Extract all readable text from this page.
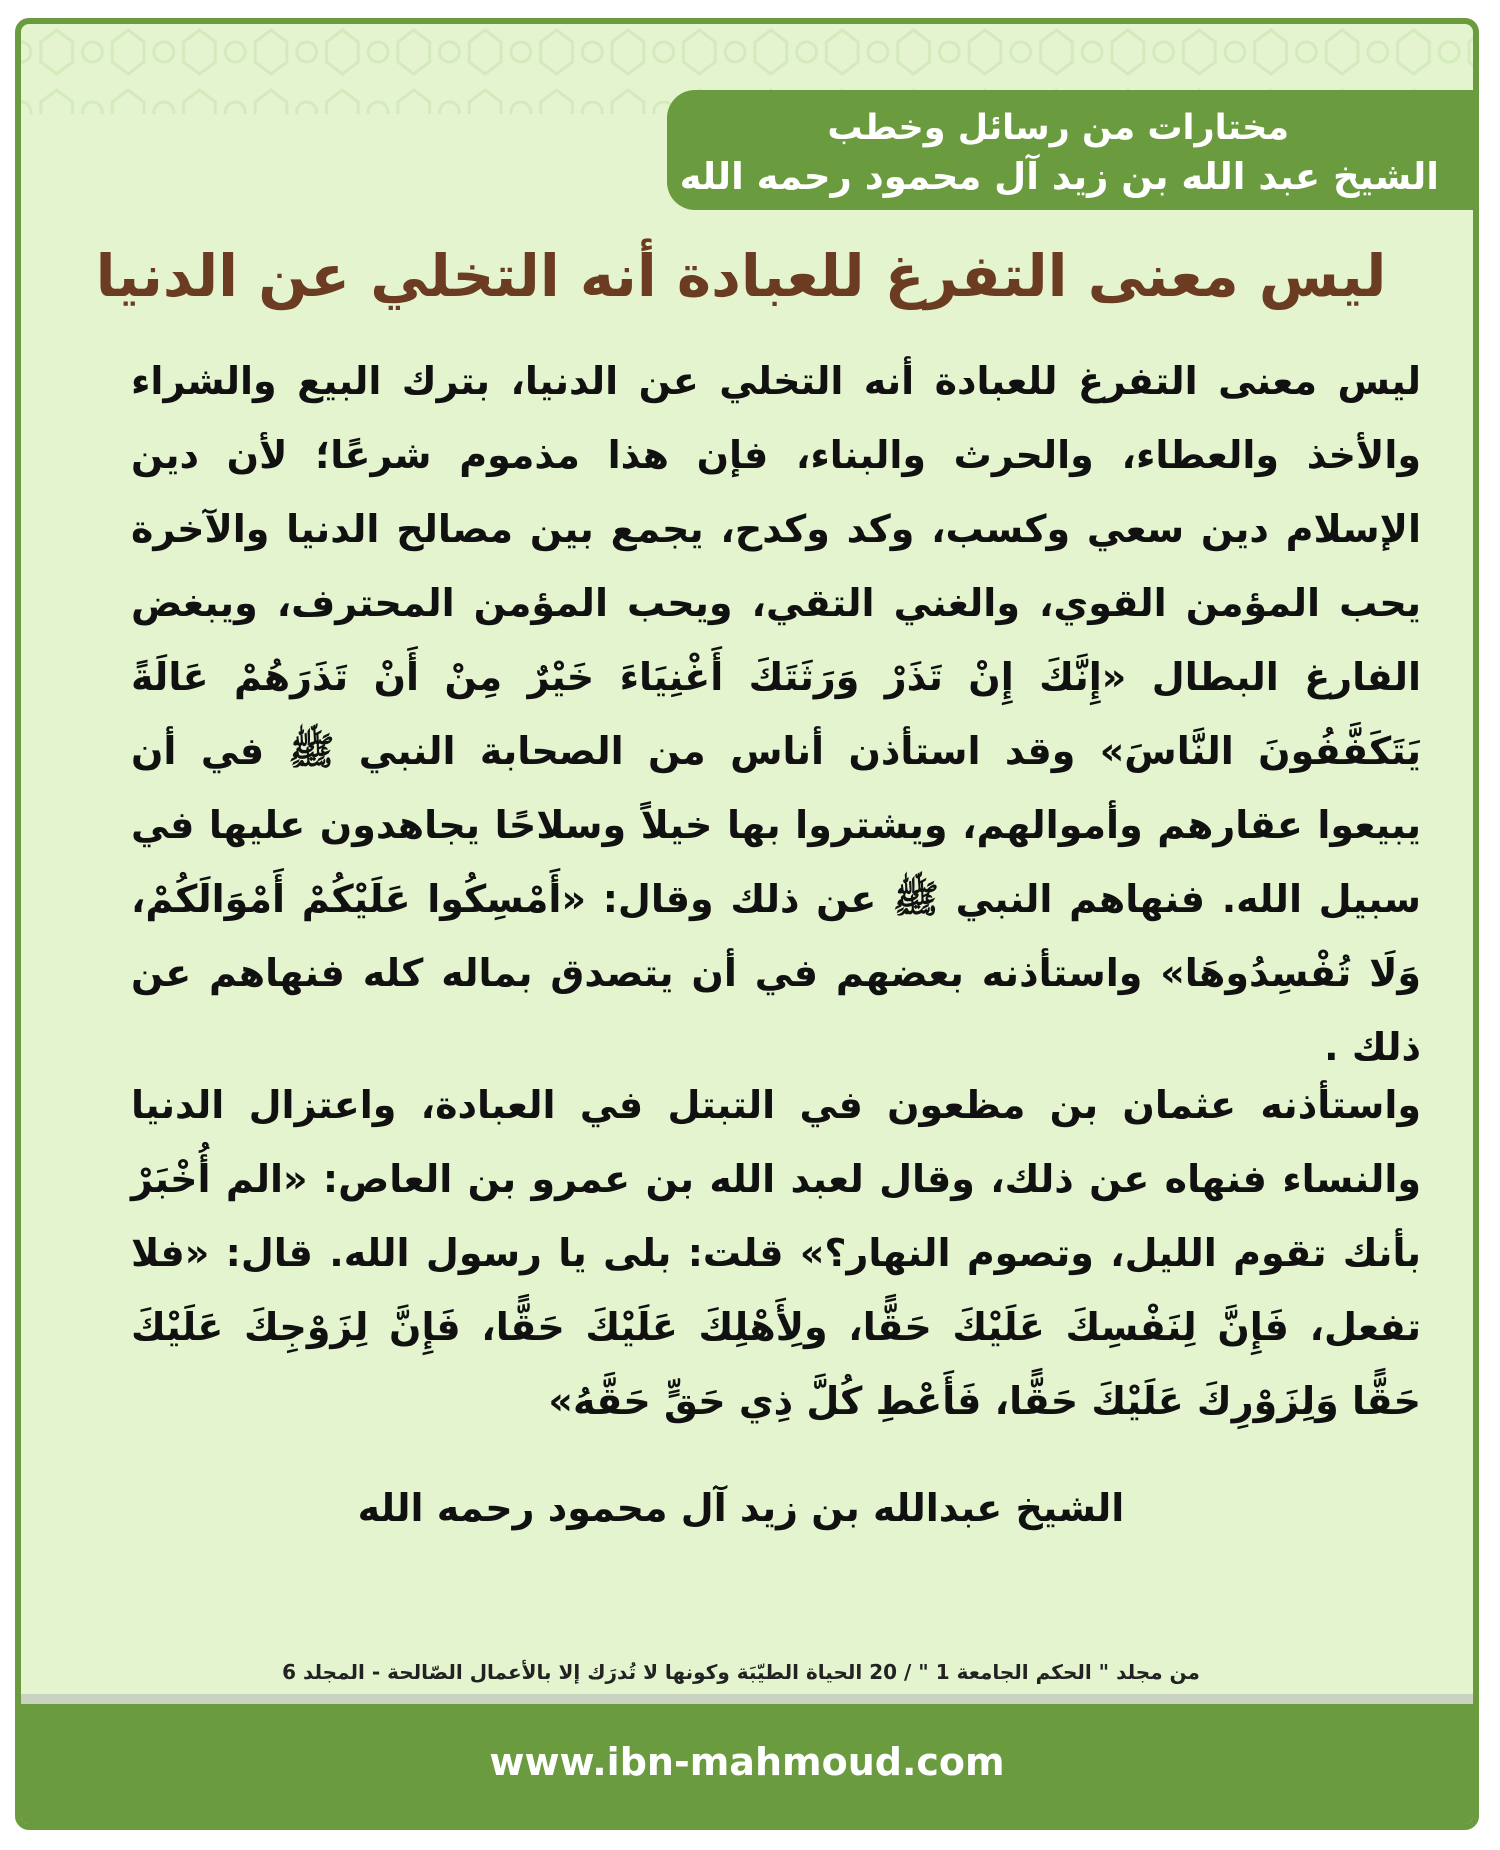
مختارات من رسائل وخطب
الشيخ عبد الله بن زيد آل محمود رحمه الله
ليس معنى التفرغ للعبادة أنه التخلي عن الدنيا
ليس معنى التفرغ للعبادة أنه التخلي عن الدنيا، بترك البيع والشراء والأخذ والعطاء، والحرث والبناء، فإن هذا مذموم شرعًا؛ لأن دين الإسلام دين سعي وكسب، وكد وكدح، يجمع بين مصالح الدنيا والآخرة يحب المؤمن القوي، والغني التقي، ويحب المؤمن المحترف، ويبغض الفارغ البطال «إِنَّكَ إِنْ تَذَرْ وَرَثَتَكَ أَغْنِيَاءَ خَيْرٌ مِنْ أَنْ تَذَرَهُمْ عَالَةً يَتَكَفَّفُونَ النَّاسَ» وقد استأذن أناس من الصحابة النبي ﷺ في أن يبيعوا عقارهم وأموالهم، ويشتروا بها خيلاً وسلاحًا يجاهدون عليها في سبيل الله. فنهاهم النبي ﷺ عن ذلك وقال: «أَمْسِكُوا عَلَيْكُمْ أَمْوَالَكُمْ، وَلَا تُفْسِدُوهَا» واستأذنه بعضهم في أن يتصدق بماله كله فنهاهم عن ذلك .
واستأذنه عثمان بن مظعون في التبتل في العبادة، واعتزال الدنيا والنساء فنهاه عن ذلك، وقال لعبد الله بن عمرو بن العاص: «الم أُخْبَرْ بأنك تقوم الليل، وتصوم النهار؟» قلت: بلى يا رسول الله. قال: «فلا تفعل، فَإِنَّ لِنَفْسِكَ عَلَيْكَ حَقًّا، ولِأَهْلِكَ عَلَيْكَ حَقًّا، فَإِنَّ لِزَوْجِكَ عَلَيْكَ حَقًّا وَلِزَوْرِكَ عَلَيْكَ حَقًّا، فَأَعْطِ كُلَّ ذِي حَقٍّ حَقَّهُ»
الشيخ عبدالله بن زيد آل محمود رحمه الله
من مجلد " الحكم الجامعة 1 " / 20 الحياة الطيّبَة وكونها لا تُدرَك إلا بالأعمال الصّالحة - المجلد 6
www.ibn-mahmoud.com
